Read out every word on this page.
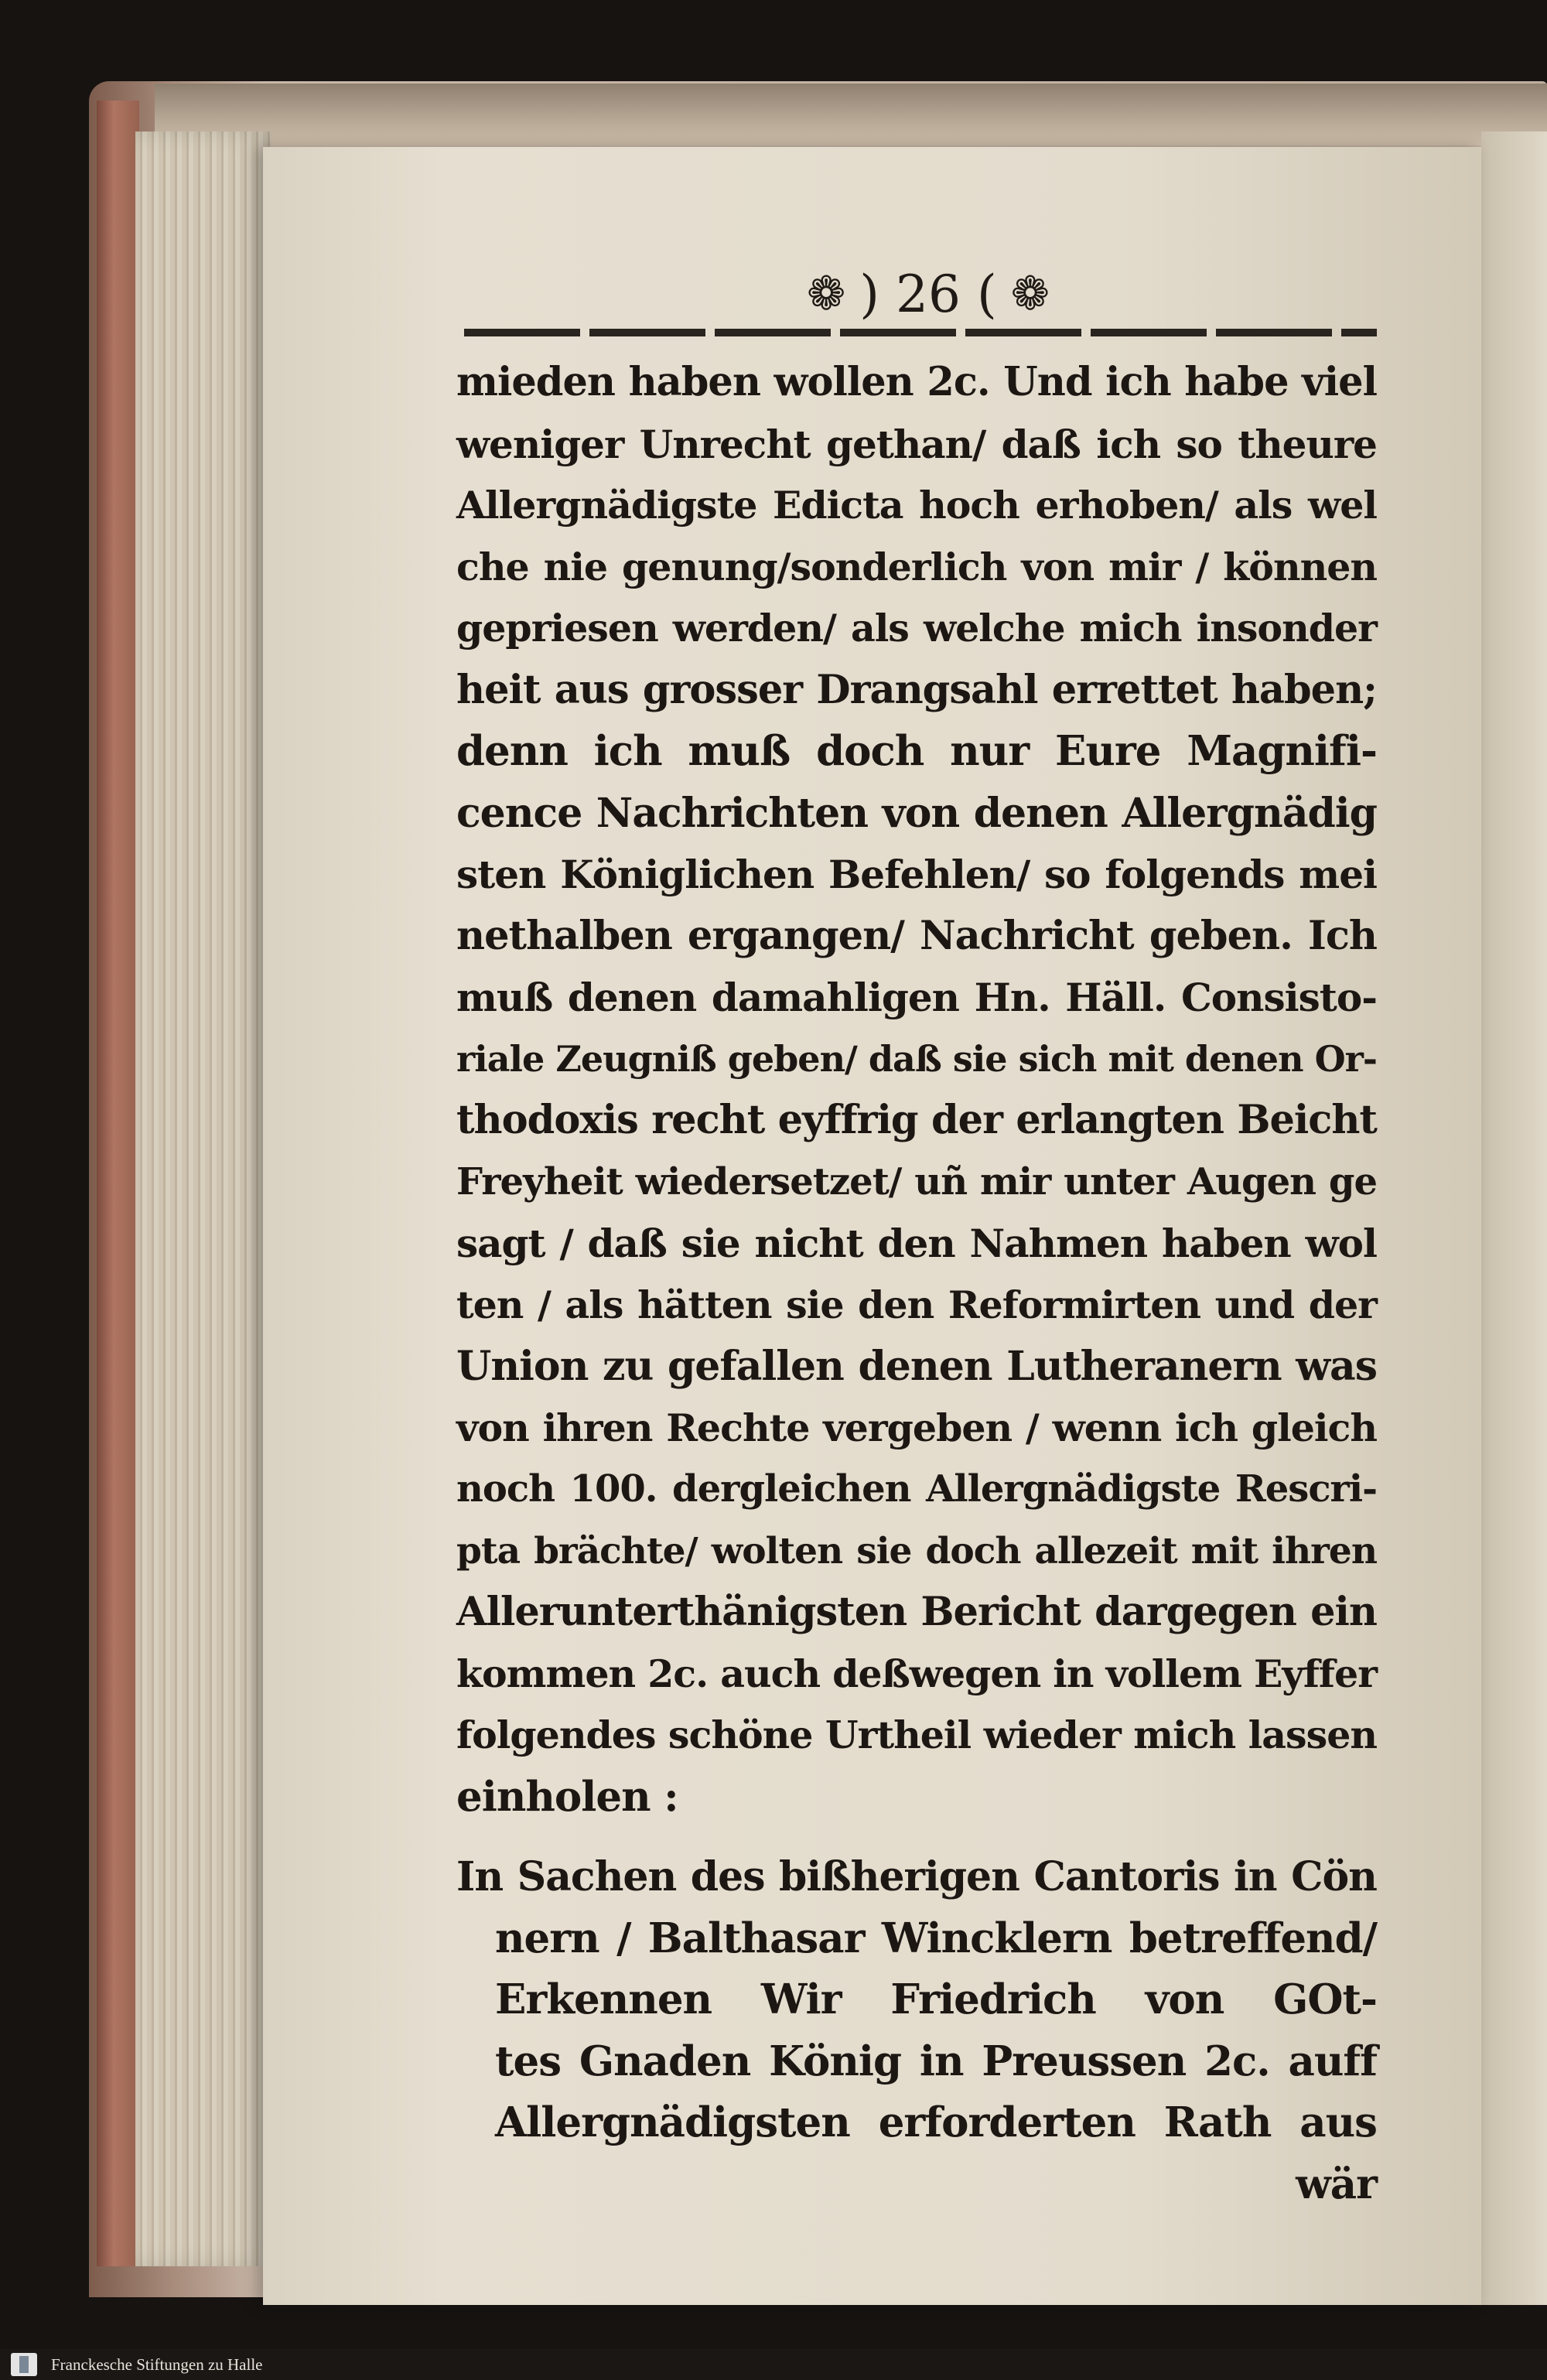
❁ ) 26 ( ❁
mieden haben wollen 2c. Und ich habe viel
weniger Unrecht gethan/ daß ich so theure
Allergnädigste Edicta hoch erhoben/ als wel
che nie genung/sonderlich von mir / können
gepriesen werden/ als welche mich insonder
heit aus grosser Drangsahl errettet haben;
denn ich muß doch nur Eure Magnifi-
cence Nachrichten von denen Allergnädig
sten Königlichen Befehlen/ so folgends mei
nethalben ergangen/ Nachricht geben. Ich
muß denen damahligen Hn. Häll. Consisto-
riale Zeugniß geben/ daß sie sich mit denen Or-
thodoxis recht eyffrig der erlangten Beicht
Freyheit wiedersetzet/ uñ mir unter Augen ge
sagt / daß sie nicht den Nahmen haben wol
ten / als hätten sie den Reformirten und der
Union zu gefallen denen Lutheranern was
von ihren Rechte vergeben / wenn ich gleich
noch 100. dergleichen Allergnädigste Rescri-
pta brächte/ wolten sie doch allezeit mit ihren
Allerunterthänigsten Bericht dargegen ein
kommen 2c. auch deßwegen in vollem Eyffer
folgendes schöne Urtheil wieder mich lassen
einholen :
In Sachen des bißherigen Cantoris in Cön
nern / Balthasar Wincklern betreffend/
Erkennen Wir Friedrich von GOt-
tes Gnaden König in Preussen 2c. auff
Allergnädigsten erforderten Rath aus
wär
Franckesche Stiftungen zu Halle
